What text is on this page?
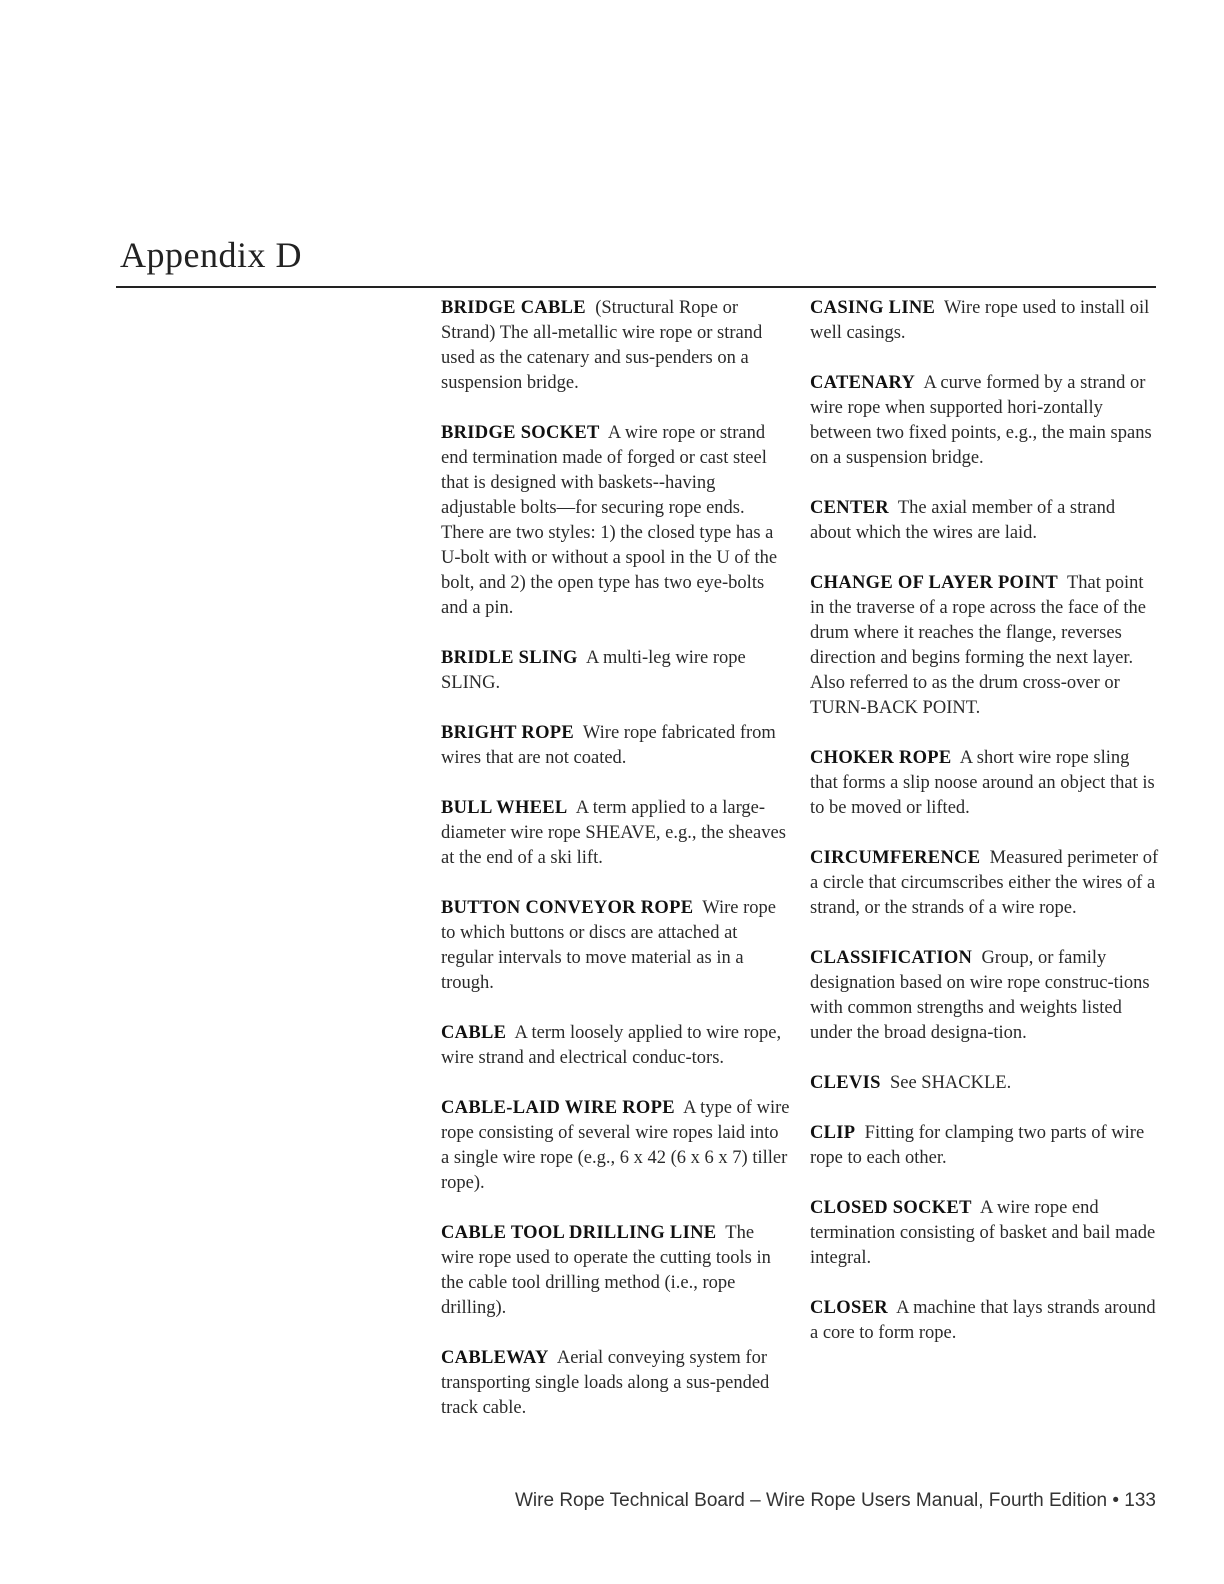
Appendix D

BRIDGE CABLE (Structural Rope or Strand) The all-metallic wire rope or strand used as the catenary and sus-penders on a suspension bridge.

BRIDGE SOCKET A wire rope or strand end termination made of forged or cast steel that is designed with baskets--having adjustable bolts—for securing rope ends. There are two styles: 1) the closed type has a U-bolt with or without a spool in the U of the bolt, and 2) the open type has two eye-bolts and a pin.

BRIDLE SLING A multi-leg wire rope SLING.

BRIGHT ROPE Wire rope fabricated from wires that are not coated.

BULL WHEEL A term applied to a large-diameter wire rope SHEAVE, e.g., the sheaves at the end of a ski lift.

BUTTON CONVEYOR ROPE Wire rope to which buttons or discs are attached at regular intervals to move material as in a trough.

CABLE A term loosely applied to wire rope, wire strand and electrical conduc-tors.

CABLE-LAID WIRE ROPE A type of wire rope consisting of several wire ropes laid into a single wire rope (e.g., 6 x 42 (6 x 6 x 7) tiller rope).

CABLE TOOL DRILLING LINE The wire rope used to operate the cutting tools in the cable tool drilling method (i.e., rope drilling).

CABLEWAY Aerial conveying system for transporting single loads along a sus-pended track cable.

CASING LINE Wire rope used to install oil well casings.

CATENARY A curve formed by a strand or wire rope when supported hori-zontally between two fixed points, e.g., the main spans on a suspension bridge.

CENTER The axial member of a strand about which the wires are laid.

CHANGE OF LAYER POINT That point in the traverse of a rope across the face of the drum where it reaches the flange, reverses direction and begins forming the next layer. Also referred to as the drum cross-over or TURN-BACK POINT.

CHOKER ROPE A short wire rope sling that forms a slip noose around an object that is to be moved or lifted.

CIRCUMFERENCE Measured perimeter of a circle that circumscribes either the wires of a strand, or the strands of a wire rope.

CLASSIFICATION Group, or family designation based on wire rope construc-tions with common strengths and weights listed under the broad designa-tion.

CLEVIS See SHACKLE.

CLIP Fitting for clamping two parts of wire rope to each other.

CLOSED SOCKET A wire rope end termination consisting of basket and bail made integral.

CLOSER A machine that lays strands around a core to form rope.

Wire Rope Technical Board – Wire Rope Users Manual, Fourth Edition • 133
